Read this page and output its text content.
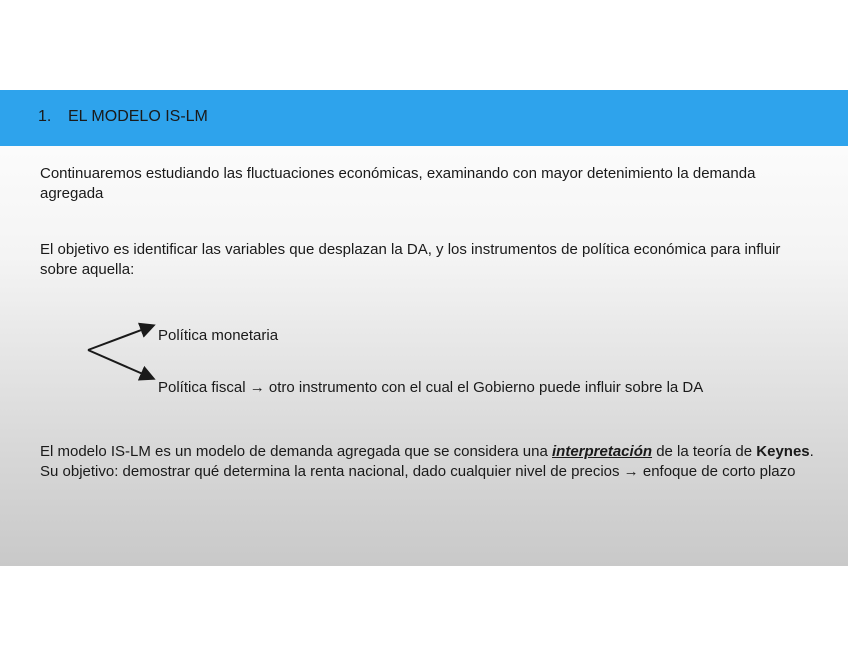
1. EL MODELO IS-LM
Continuaremos estudiando las fluctuaciones económicas, examinando con mayor detenimiento la demanda agregada
El objetivo es identificar las variables que desplazan la DA, y los instrumentos de política económica para influir sobre aquella:
Política monetaria
Política fiscal → otro instrumento con el cual el Gobierno puede influir sobre la DA
El modelo IS-LM es un modelo de demanda agregada que se considera una interpretación de la teoría de Keynes. Su objetivo: demostrar qué determina la renta nacional, dado cualquier nivel de precios → enfoque de corto plazo
